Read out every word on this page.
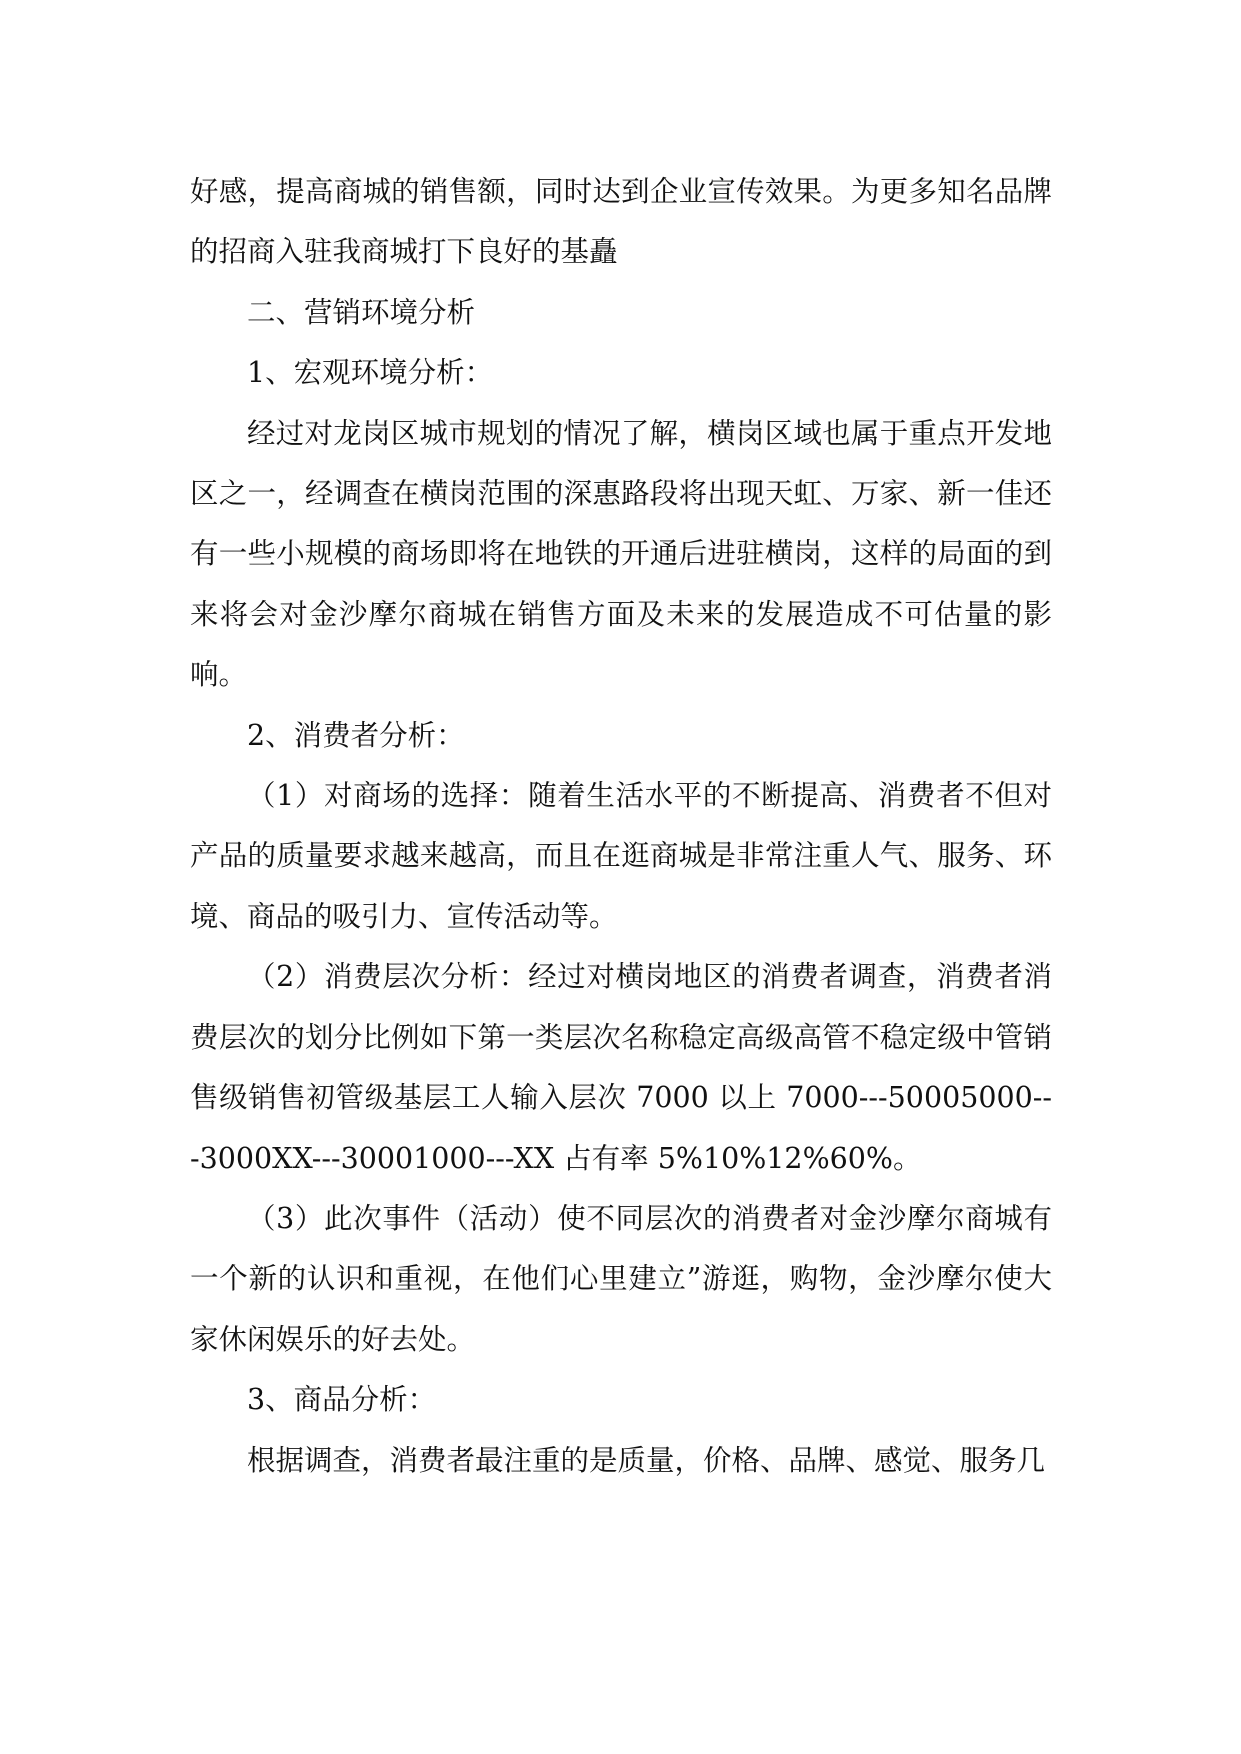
好感，提高商城的销售额，同时达到企业宣传效果。为更多知名品牌的招商入驻我商城打下良好的基矗

二、营销环境分析

1、宏观环境分析：

经过对龙岗区城市规划的情况了解，横岗区域也属于重点开发地区之一，经调查在横岗范围的深惠路段将出现天虹、万家、新一佳还有一些小规模的商场即将在地铁的开通后进驻横岗，这样的局面的到来将会对金沙摩尔商城在销售方面及未来的发展造成不可估量的影响。

2、消费者分析：

（1）对商场的选择：随着生活水平的不断提高、消费者不但对产品的质量要求越来越高，而且在逛商城是非常注重人气、服务、环境、商品的吸引力、宣传活动等。

（2）消费层次分析：经过对横岗地区的消费者调查，消费者消费层次的划分比例如下第一类层次名称稳定高级高管不稳定级中管销售级销售初管级基层工人输入层次 7000 以上 7000---50005000---3000XX---30001000---XX 占有率 5%10%12%60%。

（3）此次事件（活动）使不同层次的消费者对金沙摩尔商城有一个新的认识和重视，在他们心里建立”游逛，购物，金沙摩尔使大家休闲娱乐的好去处。

3、商品分析：

根据调查，消费者最注重的是质量，价格、品牌、感觉、服务几
